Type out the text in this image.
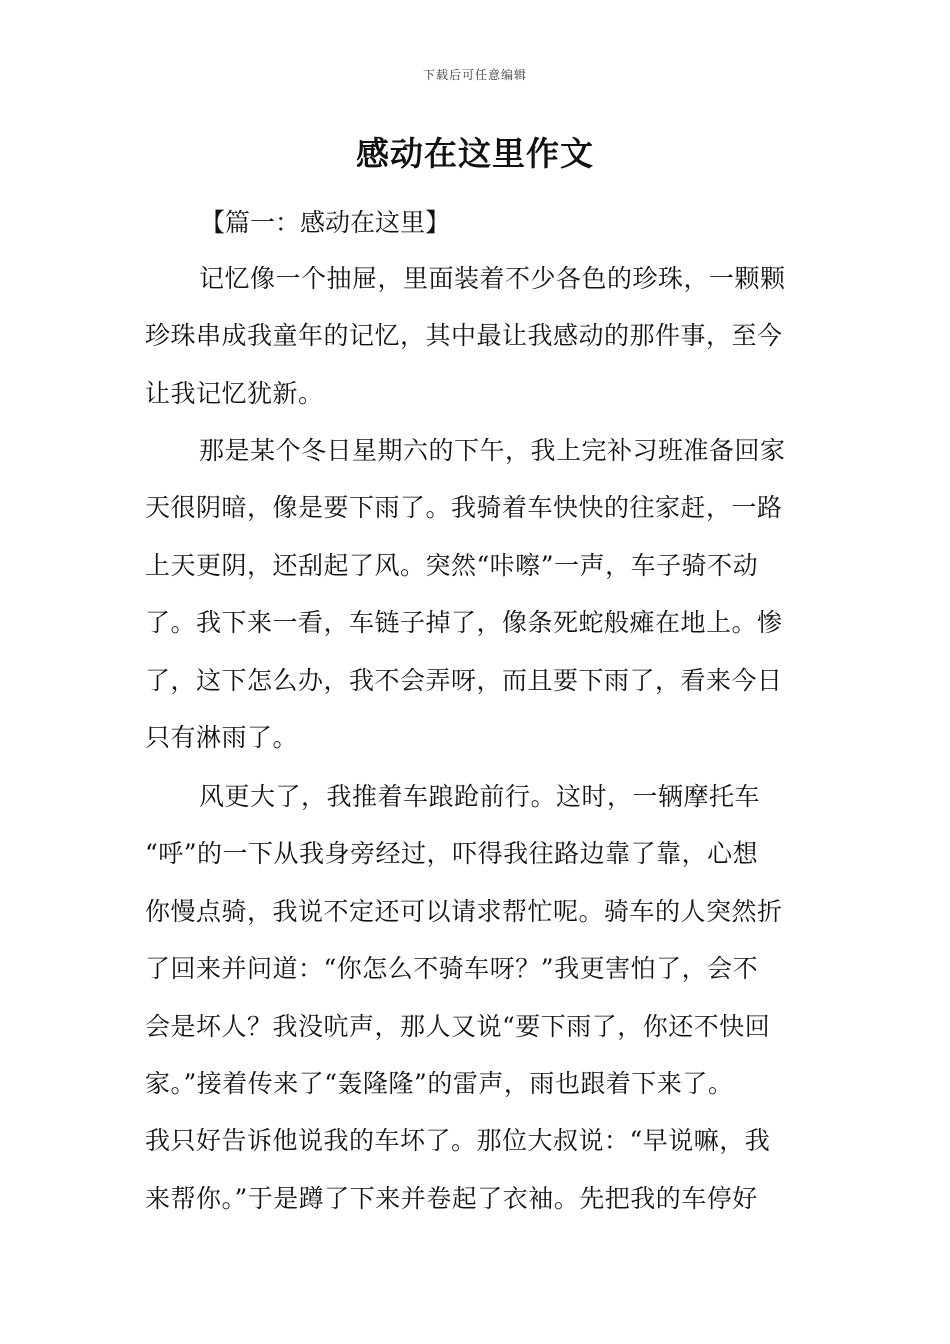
下载后可任意编辑
感动在这里作文
【篇一：感动在这里】
记忆像一个抽屉，里面装着不少各色的珍珠，一颗颗
珍珠串成我童年的记忆，其中最让我感动的那件事，至今
让我记忆犹新。
那是某个冬日星期六的下午，我上完补习班准备回家
天很阴暗，像是要下雨了。我骑着车快快的往家赶，一路
上天更阴，还刮起了风。突然“咔嚓”一声，车子骑不动
了。我下来一看，车链子掉了，像条死蛇般瘫在地上。惨
了，这下怎么办，我不会弄呀，而且要下雨了，看来今日
只有淋雨了。
风更大了，我推着车踉跄前行。这时，一辆摩托车
“呼”的一下从我身旁经过，吓得我往路边靠了靠，心想
你慢点骑，我说不定还可以请求帮忙呢。骑车的人突然折
了回来并问道：“你怎么不骑车呀？”我更害怕了，会不
会是坏人？我没吭声，那人又说“要下雨了，你还不快回
家。”接着传来了“轰隆隆”的雷声，雨也跟着下来了。
我只好告诉他说我的车坏了。那位大叔说：“早说嘛，我
来帮你。”于是蹲了下来并卷起了衣袖。先把我的车停好
